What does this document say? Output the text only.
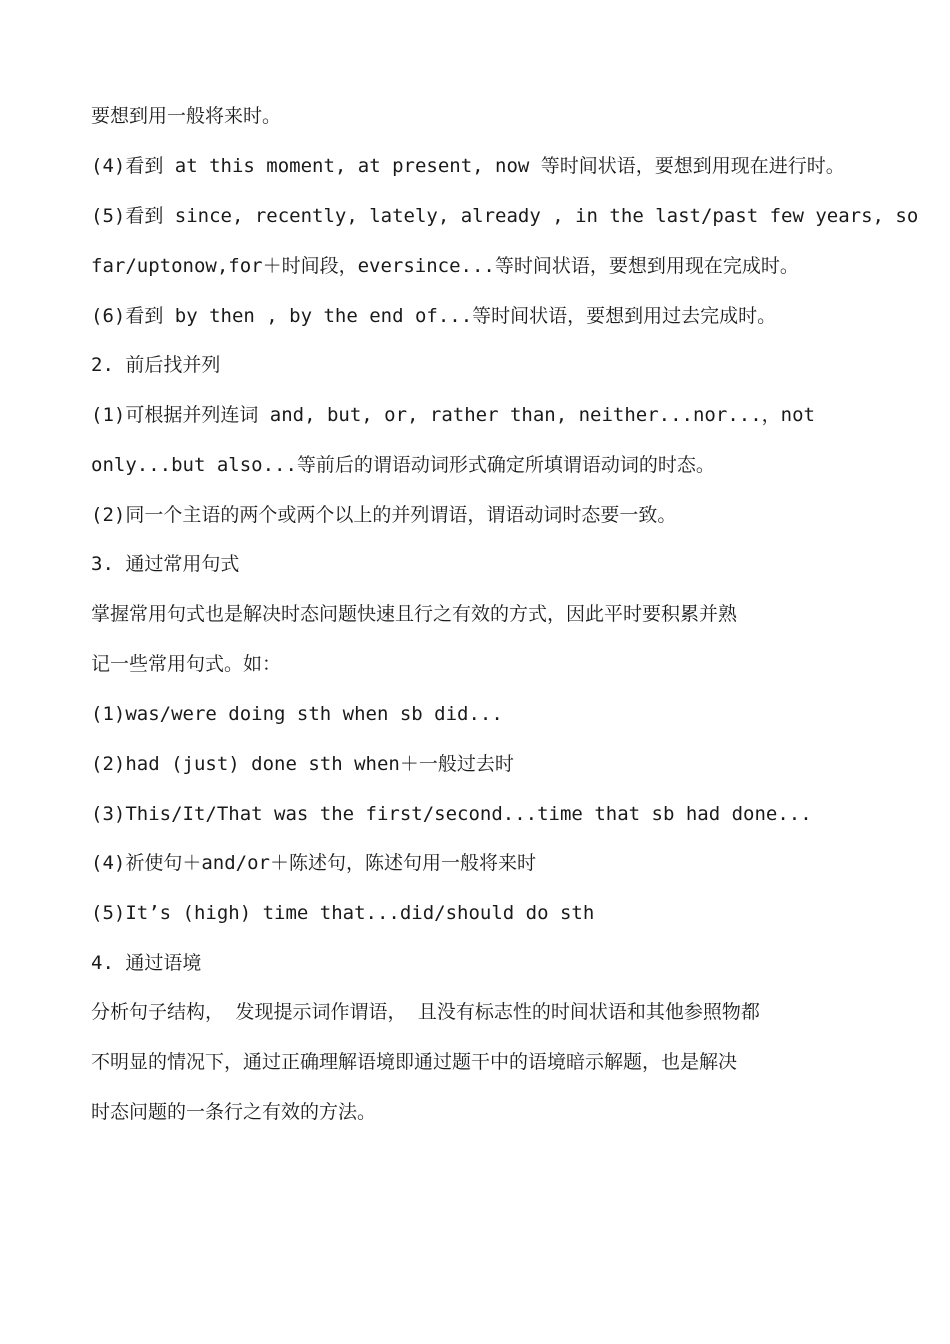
要想到用一般将来时。
(4)看到 at this moment, at present, now 等时间状语，要想到用现在进行时。
(5)看到 since, recently, lately, already , in the last/past few years, so
far/uptonow,for＋时间段，eversince...等时间状语，要想到用现在完成时。
(6)看到 by then , by the end of...等时间状语，要想到用过去完成时。
2. 前后找并列
(1)可根据并列连词 and, but, or, rather than, neither...nor...，not
only...but also...等前后的谓语动词形式确定所填谓语动词的时态。
(2)同一个主语的两个或两个以上的并列谓语，谓语动词时态要一致。
3. 通过常用句式
掌握常用句式也是解决时态问题快速且行之有效的方式，因此平时要积累并熟
记一些常用句式。如：
(1)was/were doing sth when sb did...
(2)had (just) done sth when＋一般过去时
(3)This/It/That was the first/second...time that sb had done...
(4)祈使句＋and/or＋陈述句，陈述句用一般将来时
(5)It’s (high) time that...did/should do sth
4. 通过语境
分析句子结构， 发现提示词作谓语， 且没有标志性的时间状语和其他参照物都
不明显的情况下，通过正确理解语境即通过题干中的语境暗示解题，也是解决
时态问题的一条行之有效的方法。
